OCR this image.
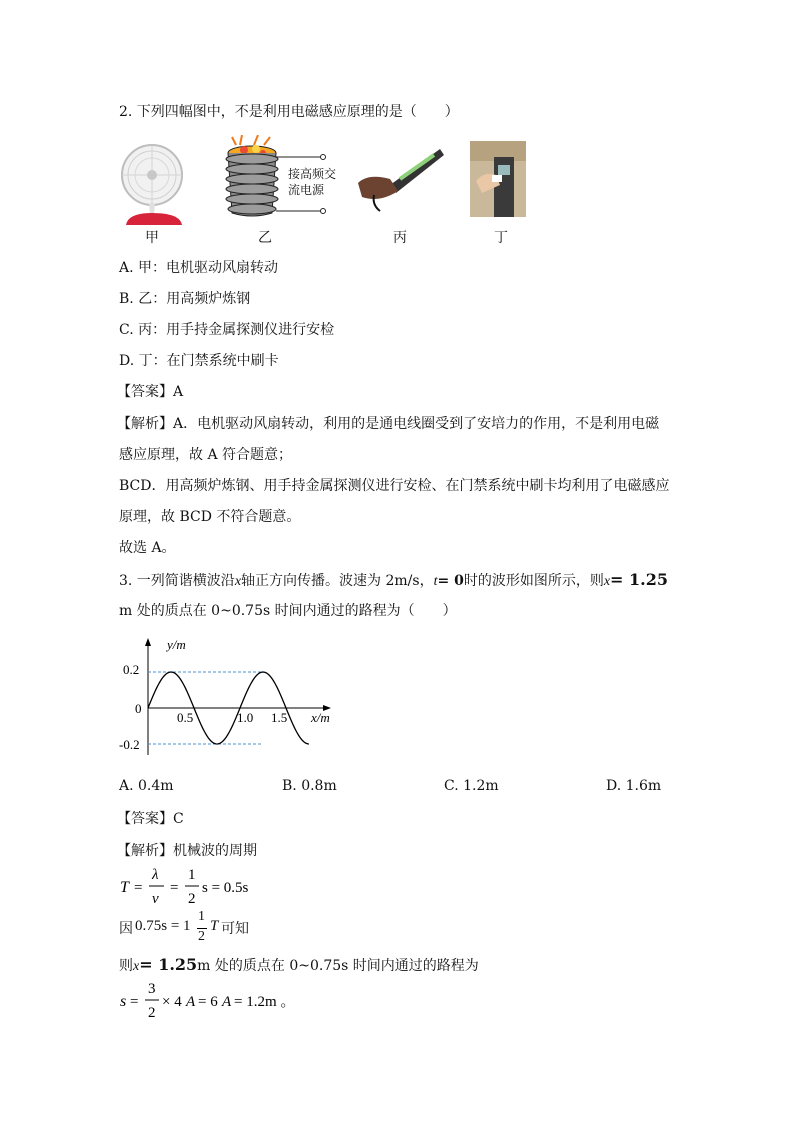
2. 下列四幅图中，不是利用电磁感应原理的是（　　）
接高频交
流电源
甲	乙	丙	丁
A. 甲：电机驱动风扇转动
B. 乙：用高频炉炼钢
C. 丙：用手持金属探测仪进行安检
D. 丁：在门禁系统中刷卡
【答案】A
【解析】A．电机驱动风扇转动，利用的是通电线圈受到了安培力的作用，不是利用电磁
感应原理，故 A 符合题意；
BCD．用高频炉炼钢、用手持金属探测仪进行安检、在门禁系统中刷卡均利用了电磁感应
原理，故 BCD 不符合题意。
故选 A。
3. 一列简谐横波沿x轴正方向传播。波速为 2m/s，t= 0时的波形如图所示，则x= 1.25
m 处的质点在 0~0.75s 时间内通过的路程为（　　）
y/m
x/m
0.2
0
-0.2
0.5	1.0 1.5
A. 0.4m	B. 0.8m	C. 1.2m	D. 1.6m
【答案】C
【解析】机械波的周期
T =
λ
v
=
1
2
s = 0.5s
T = λ/v = 1/2 s = 0.5s
因 0.75s = 1
1
2
T 可知
则x= 1.25m 处的质点在 0~0.75s 时间内通过的路程为
s =
3
2
× 4 A = 6 A = 1.2m 。
s = 3/2 × 4A = 6A = 1.2m 。
